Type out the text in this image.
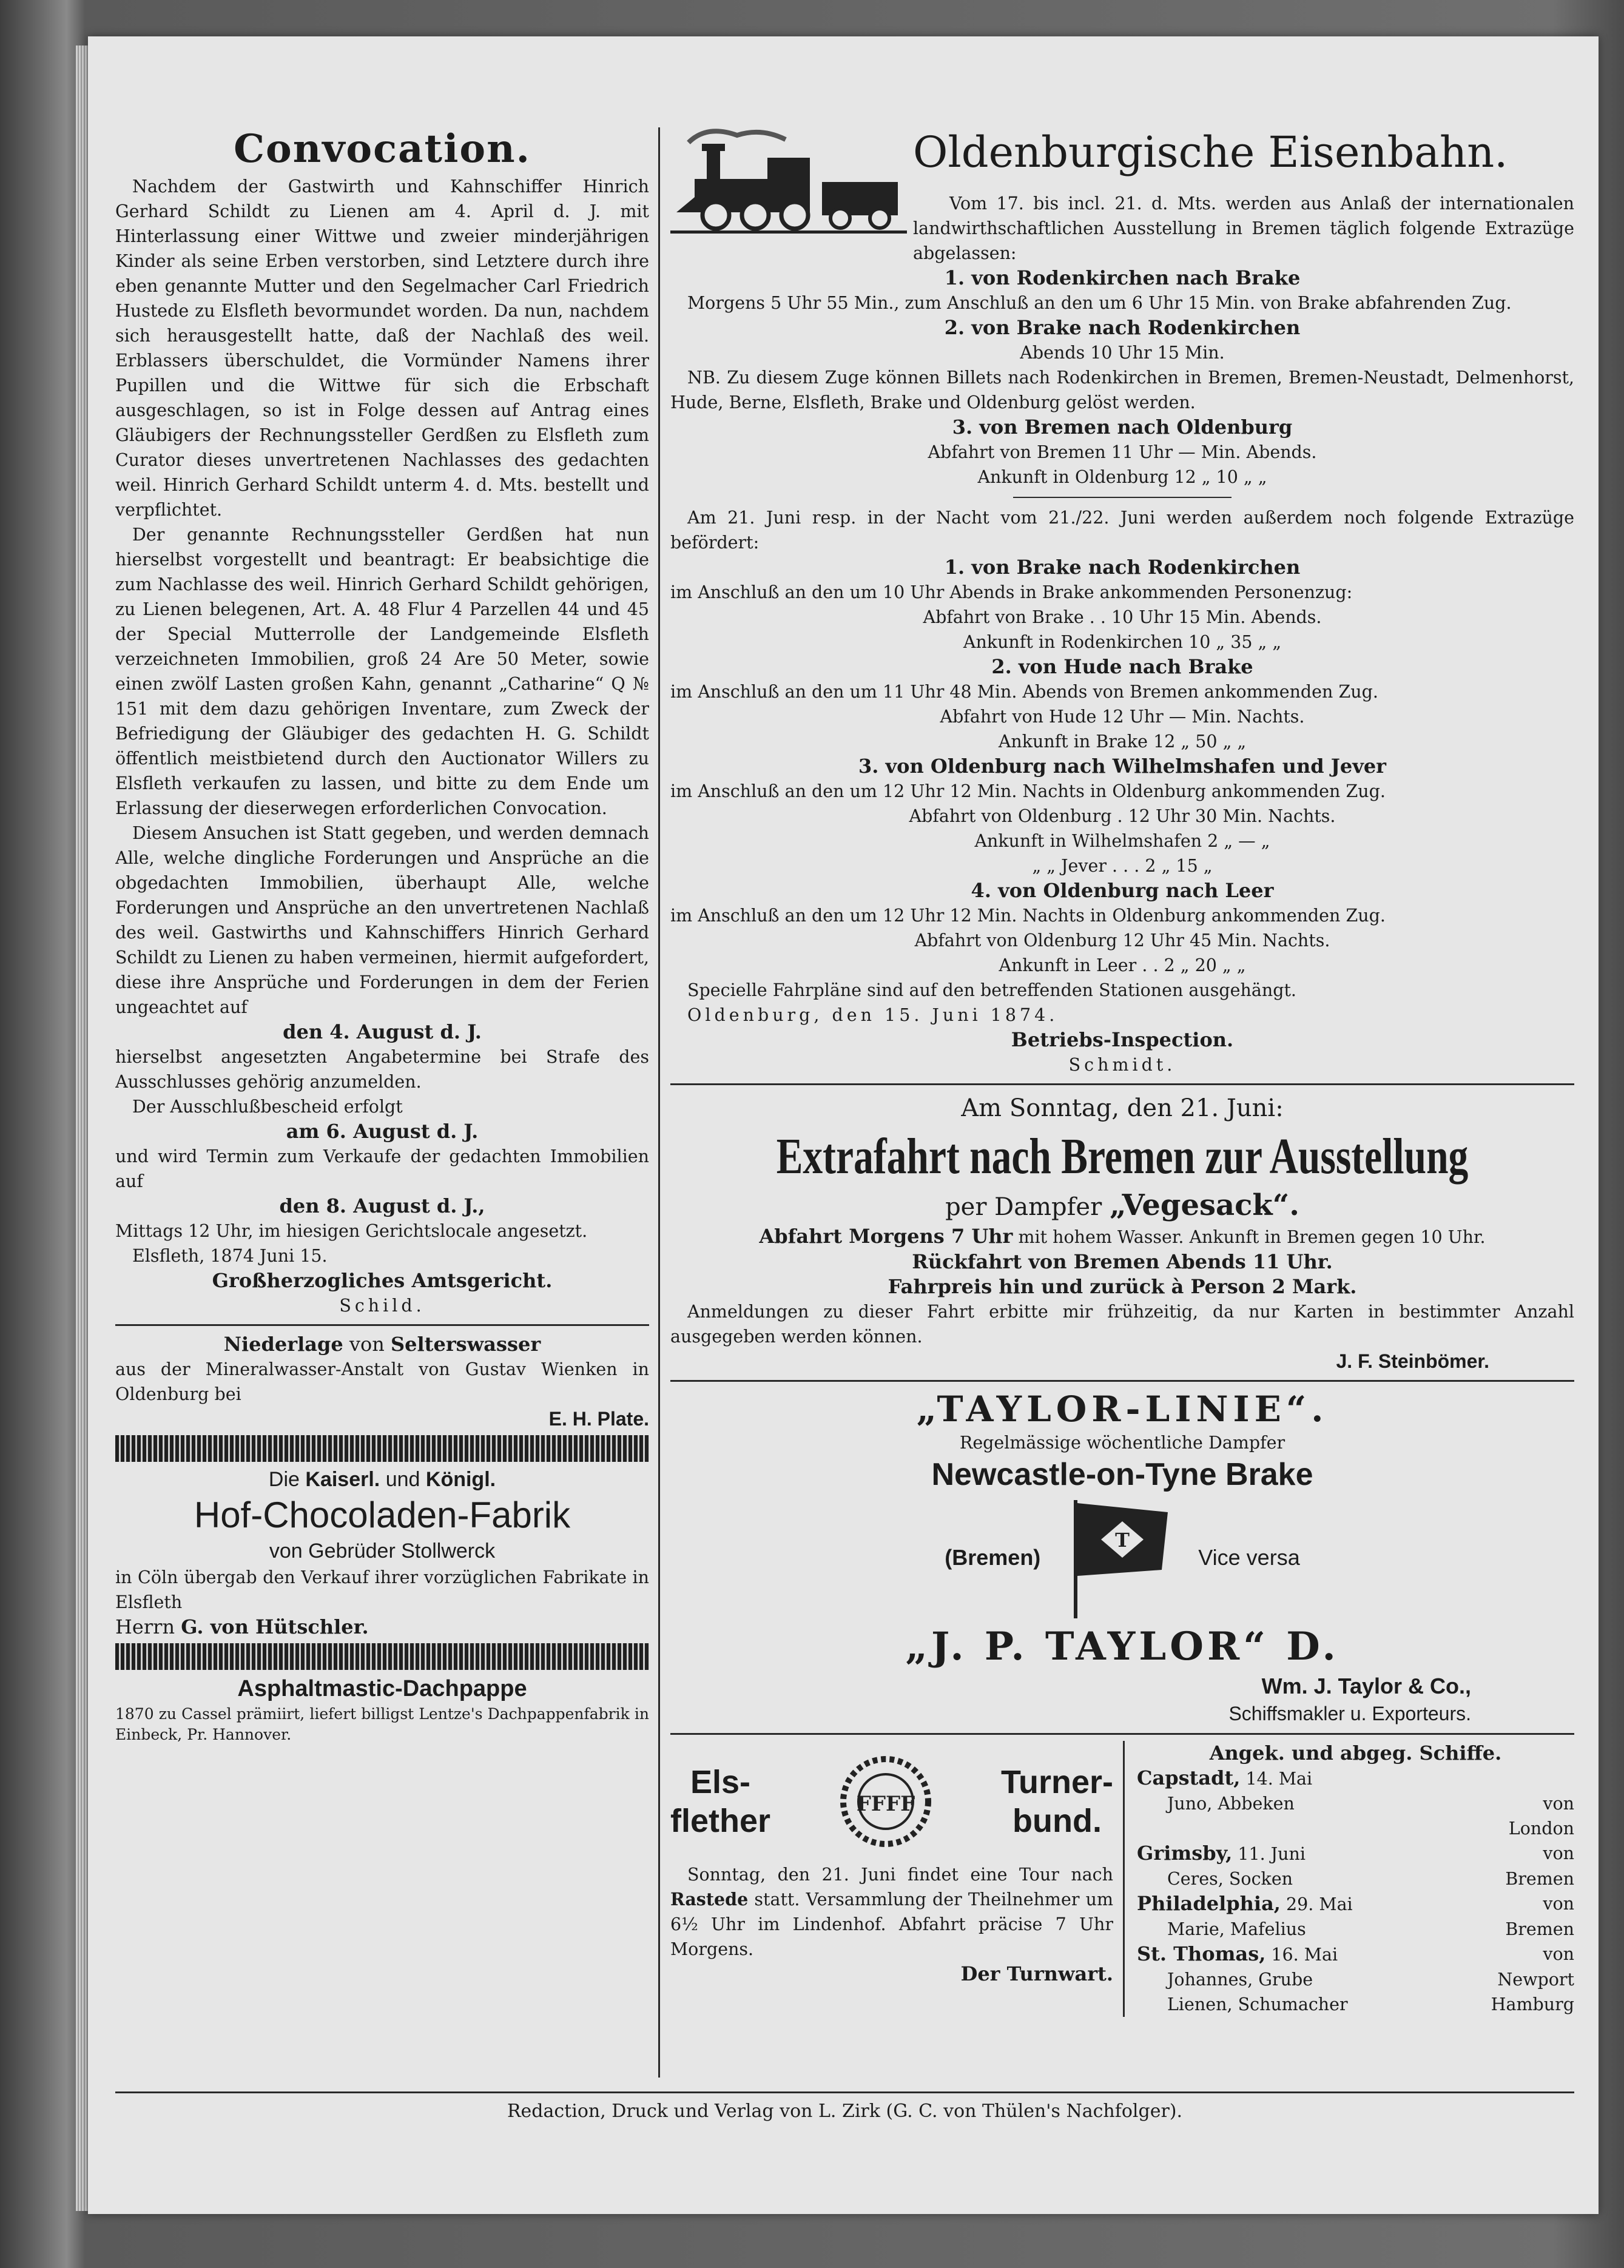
Convocation.

Nachdem der Gastwirth und Kahnschiffer Hinrich Gerhard Schildt zu Lienen am 4. April d. J. mit Hinterlassung einer Wittwe und zweier minderjährigen Kinder als seine Erben verstorben, sind Letztere durch ihre eben genannte Mutter und den Segelmacher Carl Friedrich Hustede zu Elsfleth bevormundet worden. Da nun, nachdem sich herausgestellt hatte, daß der Nachlaß des weil. Erblassers überschuldet, die Vormünder Namens ihrer Pupillen und die Wittwe für sich die Erbschaft ausgeschlagen, so ist in Folge dessen auf Antrag eines Gläubigers der Rechnungssteller Gerdßen zu Elsfleth zum Curator dieses unvertretenen Nachlasses des gedachten weil. Hinrich Gerhard Schildt unterm 4. d. Mts. bestellt und verpflichtet.

Der genannte Rechnungssteller Gerdßen hat nun hierselbst vorgestellt und beantragt: Er beabsichtige die zum Nachlasse des weil. Hinrich Gerhard Schildt gehörigen, zu Lienen belegenen, Art. A. 48 Flur 4 Parzellen 44 und 45 der Special Mutterrolle der Landgemeinde Elsfleth verzeichneten Immobilien, groß 24 Are 50 Meter, sowie einen zwölf Lasten großen Kahn, genannt „Catharine“ Q № 151 mit dem dazu gehörigen Inventare, zum Zweck der Befriedigung der Gläubiger des gedachten H. G. Schildt öffentlich meistbietend durch den Auctionator Willers zu Elsfleth verkaufen zu lassen, und bitte zu dem Ende um Erlassung der dieserwegen erforderlichen Convocation.

Diesem Ansuchen ist Statt gegeben, und werden demnach Alle, welche dingliche Forderungen und Ansprüche an die obgedachten Immobilien, überhaupt Alle, welche Forderungen und Ansprüche an den unvertretenen Nachlaß des weil. Gastwirths und Kahnschiffers Hinrich Gerhard Schildt zu Lienen zu haben vermeinen, hiermit aufgefordert, diese ihre Ansprüche und Forderungen in dem der Ferien ungeachtet auf

den 4. August d. J.

hierselbst angesetzten Angabetermine bei Strafe des Ausschlusses gehörig anzumelden.

Der Ausschlußbescheid erfolgt

am 6. August d. J.

und wird Termin zum Verkaufe der gedachten Immobilien auf

den 8. August d. J.,

Mittags 12 Uhr, im hiesigen Gerichtslocale angesetzt.

Elsfleth, 1874 Juni 15.

Großherzogliches Amtsgericht.

Schild.

Niederlage von Selterswasser

aus der Mineralwasser-Anstalt von Gustav Wienken in Oldenburg bei

E. H. Plate.

Die Kaiserl. und Königl.

Hof-Chocoladen-Fabrik

von Gebrüder Stollwerck

in Cöln übergab den Verkauf ihrer vorzüglichen Fabrikate in Elsfleth

Herrn G. von Hütschler.

Asphaltmastic-Dachpappe

1870 zu Cassel prämiirt, liefert billigst Lentze's Dachpappenfabrik in Einbeck, Pr. Hannover.

Oldenburgische Eisenbahn.

Vom 17. bis incl. 21. d. Mts. werden aus Anlaß der internationalen landwirthschaftlichen Ausstellung in Bremen täglich folgende Extrazüge abgelassen:

1. von Rodenkirchen nach Brake

Morgens 5 Uhr 55 Min., zum Anschluß an den um 6 Uhr 15 Min. von Brake abfahrenden Zug.

2. von Brake nach Rodenkirchen

Abends 10 Uhr 15 Min.

NB. Zu diesem Zuge können Billets nach Rodenkirchen in Bremen, Bremen-Neustadt, Delmenhorst, Hude, Berne, Elsfleth, Brake und Oldenburg gelöst werden.

3. von Bremen nach Oldenburg

Abfahrt von Bremen 11 Uhr — Min. Abends.

Ankunft in Oldenburg 12 „ 10 „ „

Am 21. Juni resp. in der Nacht vom 21./22. Juni werden außerdem noch folgende Extrazüge befördert:

1. von Brake nach Rodenkirchen

im Anschluß an den um 10 Uhr Abends in Brake ankommenden Personenzug:

Abfahrt von Brake . . 10 Uhr 15 Min. Abends.

Ankunft in Rodenkirchen 10 „ 35 „ „

2. von Hude nach Brake

im Anschluß an den um 11 Uhr 48 Min. Abends von Bremen ankommenden Zug.

Abfahrt von Hude 12 Uhr — Min. Nachts.

Ankunft in Brake 12 „ 50 „ „

3. von Oldenburg nach Wilhelmshafen und Jever

im Anschluß an den um 12 Uhr 12 Min. Nachts in Oldenburg ankommenden Zug.

Abfahrt von Oldenburg . 12 Uhr 30 Min. Nachts.

Ankunft in Wilhelmshafen 2 „ — „

„ „ Jever . . . 2 „ 15 „

4. von Oldenburg nach Leer

im Anschluß an den um 12 Uhr 12 Min. Nachts in Oldenburg ankommenden Zug.

Abfahrt von Oldenburg 12 Uhr 45 Min. Nachts.

Ankunft in Leer . . 2 „ 20 „ „

Specielle Fahrpläne sind auf den betreffenden Stationen ausgehängt.

Oldenburg, den 15. Juni 1874.

Betriebs-Inspection.

Schmidt.

Am Sonntag, den 21. Juni:

Extrafahrt nach Bremen zur Ausstellung

per Dampfer „Vegesack“.

Abfahrt Morgens 7 Uhr mit hohem Wasser. Ankunft in Bremen gegen 10 Uhr.

Rückfahrt von Bremen Abends 11 Uhr.

Fahrpreis hin und zurück à Person 2 Mark.

Anmeldungen zu dieser Fahrt erbitte mir frühzeitig, da nur Karten in bestimmter Anzahl ausgegeben werden können.

J. F. Steinbömer.

„TAYLOR-LINIE“.

Regelmässige wöchentliche Dampfer

Newcastle-on-Tyne Brake

(Bremen)
T
Vice versa

„J. P. TAYLOR“ D.

Wm. J. Taylor & Co.,

Schiffsmakler u. Exporteurs.

Els-
flether	FFFF
Turner-
bund.

Sonntag, den 21. Juni findet eine Tour nach Rastede statt. Versammlung der Theilnehmer um 6½ Uhr im Lindenhof. Abfahrt präcise 7 Uhr Morgens.

Der Turnwart.

Angek. und abgeg. Schiffe.

Capstadt, 14. Mai

Juno, Abbeken	von

London

Grimsby, 11. Juni	von

Ceres, Socken	Bremen

Philadelphia, 29. Mai	von

Marie, Mafelius	Bremen

St. Thomas, 16. Mai	von

Johannes, Grube	Newport

Lienen, Schumacher	Hamburg

Redaction, Druck und Verlag von L. Zirk (G. C. von Thülen's Nachfolger).
